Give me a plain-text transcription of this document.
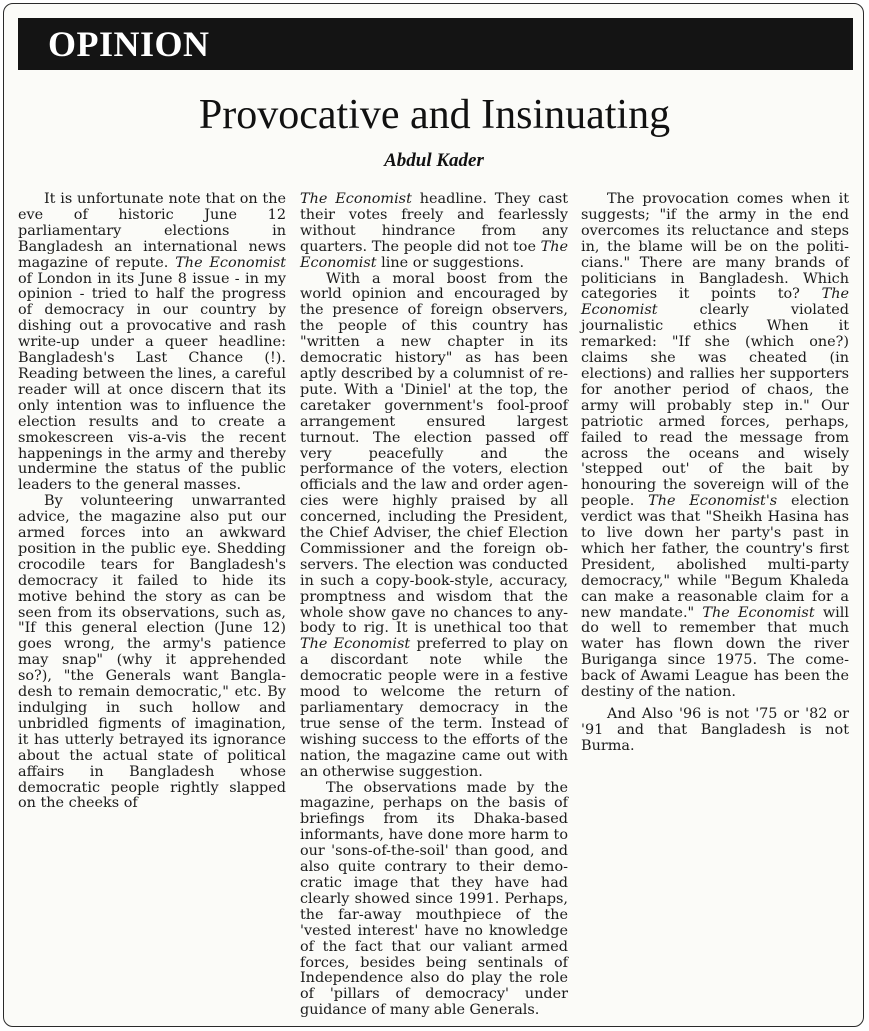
OPINION
Provocative and Insinuating
Abdul Kader

It is unfortunate note that on the eve of historic June 12 parliamentary elections in Bangladesh an international news magazine of repute. The Economist of London in its June 8 issue - in my opinion - tried to half the progress of democracy in our country by dishing out a provocative and rash write-up under a queer headline: Bangladesh's Last Chance (!). Reading between the lines, a careful reader will at once discern that its only intention was to influence the election results and to create a smokescreen vis-a-vis the recent happenings in the army and thereby undermine the status of the public leaders to the general masses.

By volunteering unwarranted advice, the magazine also put our armed forces into an awkward position in the public eye. Shedding crocodile tears for Bangladesh's democracy it failed to hide its motive behind the story as can be seen from its observations, such as, "If this general election (June 12) goes wrong, the army's patience may snap" (why it apprehended so?), "the Generals want Bangladesh to remain democratic," etc. By indulging in such hollow and unbridled figments of imagination, it has utterly betrayed its ignorance about the actual state of political affairs in Bangladesh whose democratic people rightly slapped on the cheeks of

The Economist headline. They cast their votes freely and fearlessly without hindrance from any quarters. The people did not toe The Economist line or suggestions.

With a moral boost from the world opinion and encouraged by the presence of foreign observers, the people of this country has "written a new chapter in its democratic history" as has been aptly described by a columnist of repute. With a 'Diniel' at the top, the caretaker government's fool-proof arrangement ensured largest turnout. The election passed off very peacefully and the performance of the voters, election officials and the law and order agencies were highly praised by all concerned, including the President, the Chief Adviser, the chief Election Commissioner and the foreign observers. The election was conducted in such a copy-book-style, accuracy, promptness and wisdom that the whole show gave no chances to anybody to rig. It is unethical too that The Economist preferred to play on a discordant note while the democratic people were in a festive mood to welcome the return of parliamentary democracy in the true sense of the term. Instead of wishing success to the efforts of the nation, the magazine came out with an otherwise suggestion.

The observations made by the magazine, perhaps on the basis of briefings from its Dhaka-based informants, have done more harm to our 'sons-of-the-soil' than good, and also quite contrary to their democratic image that they have had clearly showed since 1991. Perhaps, the far-away mouthpiece of the 'vested interest' have no knowledge of the fact that our valiant armed forces, besides being sentinals of Independence also do play the role of 'pillars of democracy' under guidance of many able Generals.

The provocation comes when it suggests; "if the army in the end overcomes its reluctance and steps in, the blame will be on the politicians." There are many brands of politicians in Bangladesh. Which categories it points to? The Economist clearly violated journalistic ethics When it remarked: "If she (which one?) claims she was cheated (in elections) and rallies her supporters for another period of chaos, the army will probably step in." Our patriotic armed forces, perhaps, failed to read the message from across the oceans and wisely 'stepped out' of the bait by honouring the sovereign will of the people. The Economist's election verdict was that "Sheikh Hasina has to live down her party's past in which her father, the country's first President, abolished multi-party democracy," while "Begum Khaleda can make a reasonable claim for a new mandate." The Economist will do well to remember that much water has flown down the river Buriganga since 1975. The comeback of Awami League has been the destiny of the nation.

And Also '96 is not '75 or '82 or '91 and that Bangladesh is not Burma.
